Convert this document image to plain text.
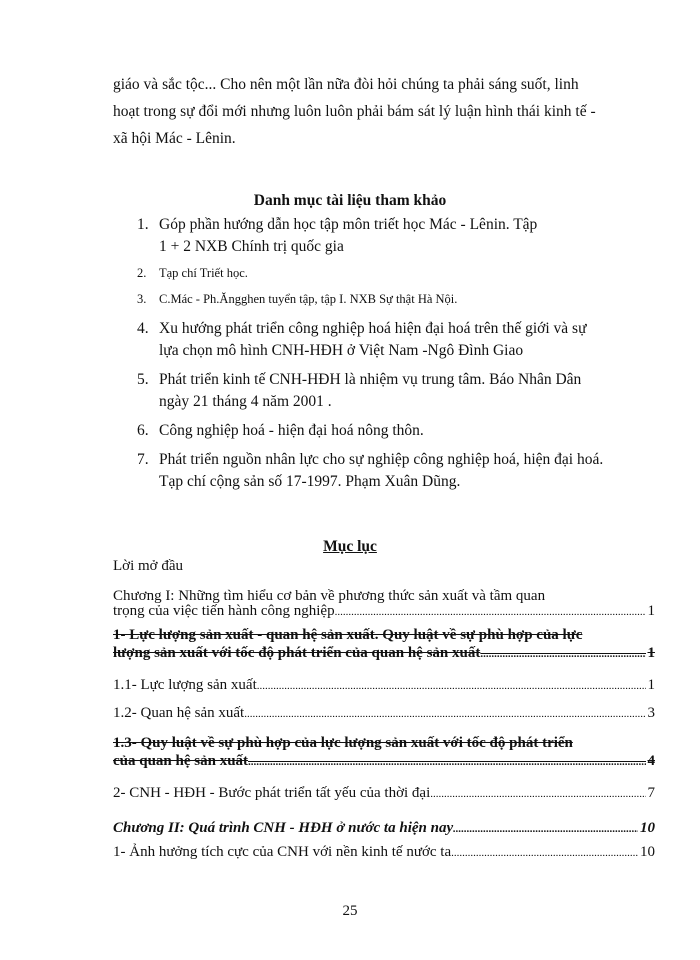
giáo và sắc tộc... Cho nên một lần nữa đòi hỏi chúng ta phải sáng suốt, linh
hoạt trong sự đổi mới nhưng luôn luôn phải bám sát lý luận hình thái kinh tế -
xã hội Mác - Lênin.
Danh mục tài liệu tham khảo
1. Góp phần hướng dẫn học tập môn triết học Mác - Lênin. Tập
1 + 2 NXB Chính trị quốc gia
2. Tạp chí Triết học.
3. C.Mác - Ph.Ăngghen tuyển tập, tập I. NXB Sự thật Hà Nội.
4. Xu hướng phát triển công nghiệp hoá hiện đại hoá trên thế giới và sự
lựa chọn mô hình CNH-HĐH ở Việt Nam -Ngô Đình Giao
5. Phát triển kinh tế CNH-HĐH là nhiệm vụ trung tâm. Báo Nhân Dân
ngày 21 tháng 4 năm 2001 .
6. Công nghiệp hoá - hiện đại hoá nông thôn.
7. Phát triển nguồn nhân lực cho sự nghiệp công nghiệp hoá, hiện đại hoá.
Tạp chí cộng sản số 17-1997. Phạm Xuân Dũng.
Mục lục
Lời mở đầu
Chương I: Những tìm hiểu cơ bản về phương thức sản xuất và tầm quan
trọng của việc tiến hành công nghiệp .....	1
1- Lực lượng sản xuất - quan hệ sản xuất. Quy luật về sự phù hợp của lực
lượng sản xuất với tốc độ phát triển của quan hệ sản xuất .....	1
1.1- Lực lượng sản xuất .....	1
1.2- Quan hệ sản xuất .....	3
1.3- Quy luật về sự phù hợp của lực lượng sản xuất với tốc độ phát triển
của quan hệ sản xuất .....	4
2- CNH - HĐH - Bước phát triển tất yếu của thời đại .....	7
Chương II: Quá trình CNH - HĐH ở nước ta hiện nay .....	10
1- Ảnh hưởng tích cực của CNH với nền kinh tế nước ta .....	10
25
